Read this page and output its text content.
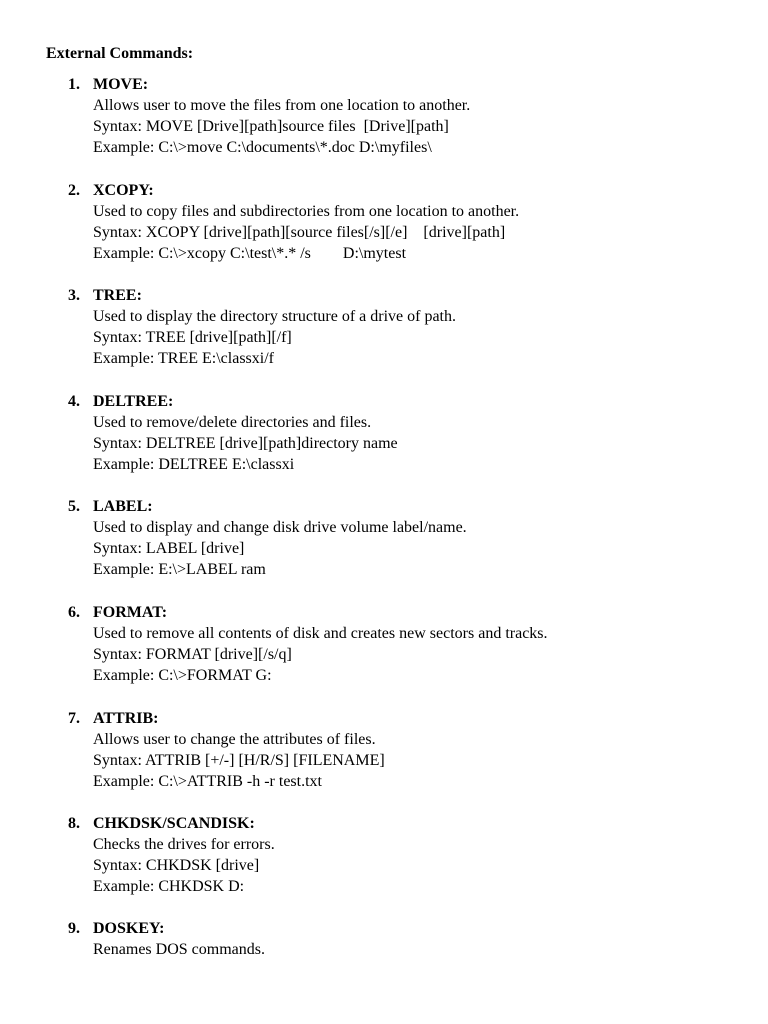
External Commands:
1. MOVE:
Allows user to move the files from one location to another.
Syntax: MOVE [Drive][path]source files  [Drive][path]
Example: C:\>move C:\documents\*.doc D:\myfiles\
2. XCOPY:
Used to copy files and subdirectories from one location to another.
Syntax: XCOPY [drive][path][source files[/s][/e]    [drive][path]
Example: C:\>xcopy C:\test\*.* /s        D:\mytest
3. TREE:
Used to display the directory structure of a drive of path.
Syntax: TREE [drive][path][/f]
Example: TREE E:\classxi/f
4. DELTREE:
Used to remove/delete directories and files.
Syntax: DELTREE [drive][path]directory name
Example: DELTREE E:\classxi
5. LABEL:
Used to display and change disk drive volume label/name.
Syntax: LABEL [drive]
Example: E:\>LABEL ram
6. FORMAT:
Used to remove all contents of disk and creates new sectors and tracks.
Syntax: FORMAT [drive][/s/q]
Example: C:\>FORMAT G:
7. ATTRIB:
Allows user to change the attributes of files.
Syntax: ATTRIB [+/-] [H/R/S] [FILENAME]
Example: C:\>ATTRIB -h -r test.txt
8. CHKDSK/SCANDISK:
Checks the drives for errors.
Syntax: CHKDSK [drive]
Example: CHKDSK D:
9. DOSKEY:
Renames DOS commands.
